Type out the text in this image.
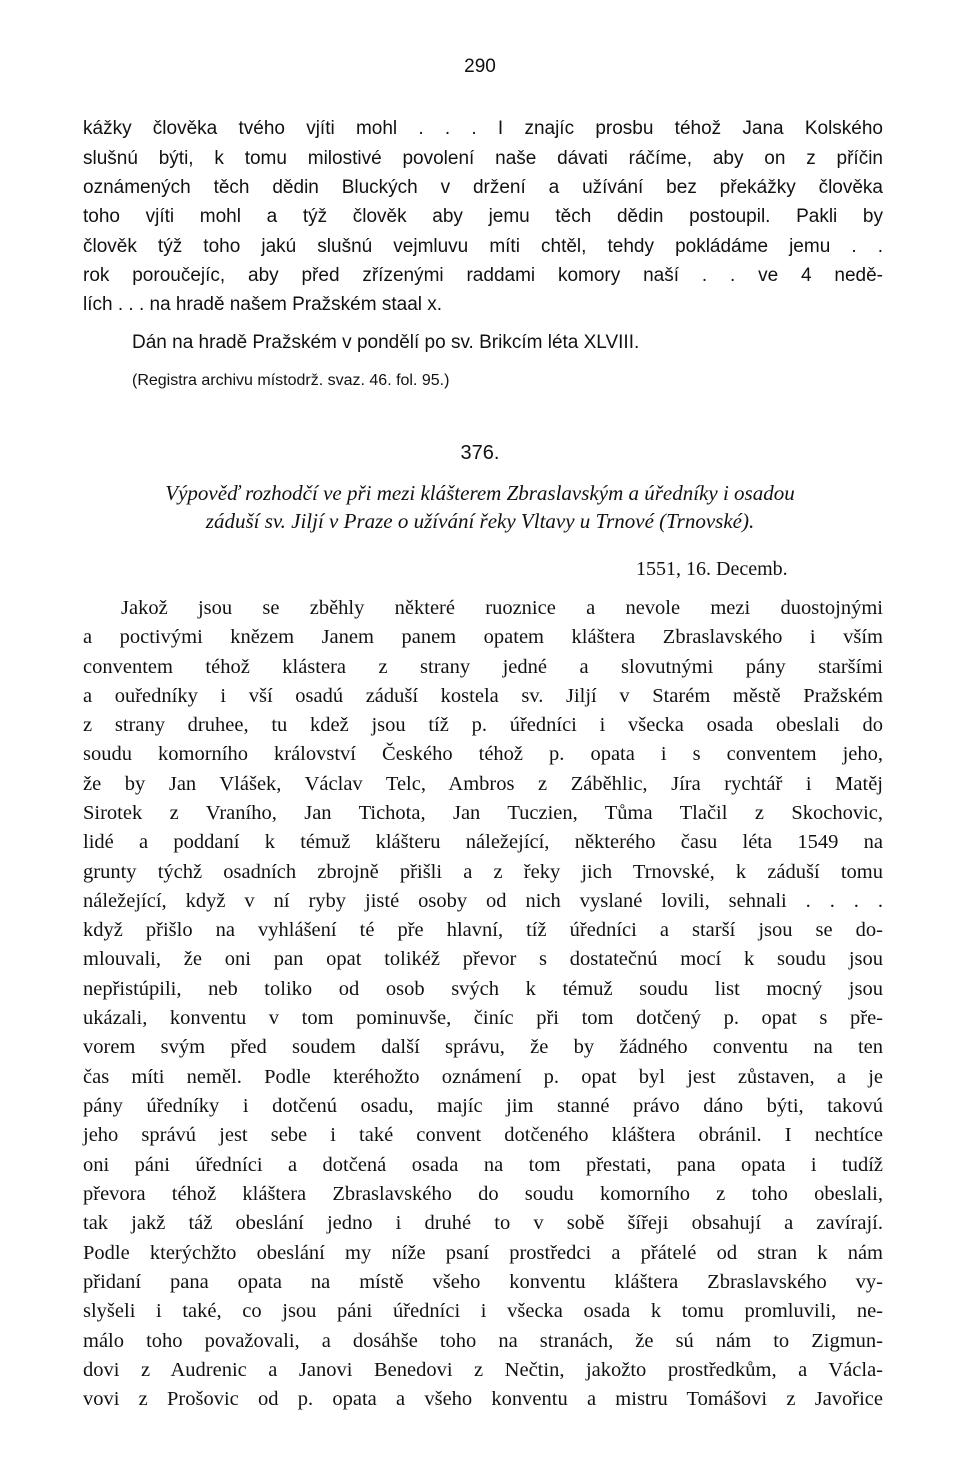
290
kážky člověka tvého vjíti mohl . . . I znajíc prosbu téhož Jana Kolského
slušnú býti, k tomu milostivé povolení naše dávati ráčíme, aby on z příčin
oznámených těch dědin Bluckých v držení a užívání bez překážky člověka
toho vjíti mohl a týž člověk aby jemu těch dědin postoupil. Pakli by
člověk týž toho jakú slušnú vejmluvu míti chtěl, tehdy pokládáme jemu . .
rok poroučejíc, aby před zřízenými raddami komory naší . . ve 4 nedě-
lích . . . na hradě našem Pražském staal x.
Dán na hradě Pražském v pondělí po sv. Brikcím léta XLVIII.
(Registra archivu místodrž. svaz. 46. fol. 95.)
376.
Výpověď rozhodčí ve při mezi klášterem Zbraslavským a úředníky i osadou
záduší sv. Jiljí v Praze o užívání řeky Vltavy u Trnové (Trnovské).
1551, 16. Decemb.
Jakož jsou se zběhly některé ruoznice a nevole mezi duostojnými
a poctivými knězem Janem panem opatem kláštera Zbraslavského i vším
conventem téhož klástera z strany jedné a slovutnými pány staršími
a ouředníky i vší osadú záduší kostela sv. Jiljí v Starém městě Pražském
z strany druhee, tu kdež jsou tíž p. úředníci i všecka osada obeslali do
soudu komorního království Českého téhož p. opata i s conventem jeho,
že by Jan Vlášek, Václav Telc, Ambros z Záběhlic, Jíra rychtář i Matěj
Sirotek z Vraního, Jan Tichota, Jan Tuczien, Tůma Tlačil z Skochovic,
lidé a poddaní k témuž klášteru náležející, některého času léta 1549 na
grunty týchž osadních zbrojně přišli a z řeky jich Trnovské, k záduší tomu
náležející, když v ní ryby jisté osoby od nich vyslané lovili, sehnali . . . .
když přišlo na vyhlášení té pře hlavní, tíž úředníci a starší jsou se do-
mlouvali, že oni pan opat tolikéž převor s dostatečnú mocí k soudu jsou
nepřistúpili, neb toliko od osob svých k témuž soudu list mocný jsou
ukázali, konventu v tom pominuvše, činíc při tom dotčený p. opat s pře-
vorem svým před soudem další správu, že by žádného conventu na ten
čas míti neměl. Podle kteréhožto oznámení p. opat byl jest zůstaven, a je
pány úředníky i dotčenú osadu, majíc jim stanné právo dáno býti, takovú
jeho správú jest sebe i také convent dotčeného kláštera obránil. I nechtíce
oni páni úředníci a dotčená osada na tom přestati, pana opata i tudíž
převora téhož kláštera Zbraslavského do soudu komorního z toho obeslali,
tak jakž táž obeslání jedno i druhé to v sobě šířeji obsahují a zavírají.
Podle kterýchžto obeslání my níže psaní prostředci a přátelé od stran k nám
přidaní pana opata na místě všeho konventu kláštera Zbraslavského vy-
slyšeli i také, co jsou páni úředníci i všecka osada k tomu promluvili, ne-
málo toho považovali, a dosáhše toho na stranách, že sú nám to Zigmun-
dovi z Audrenic a Janovi Benedovi z Nečtin, jakožto prostředkům, a Václa-
vovi z Prošovic od p. opata a všeho konventu a mistru Tomášovi z Javořice
